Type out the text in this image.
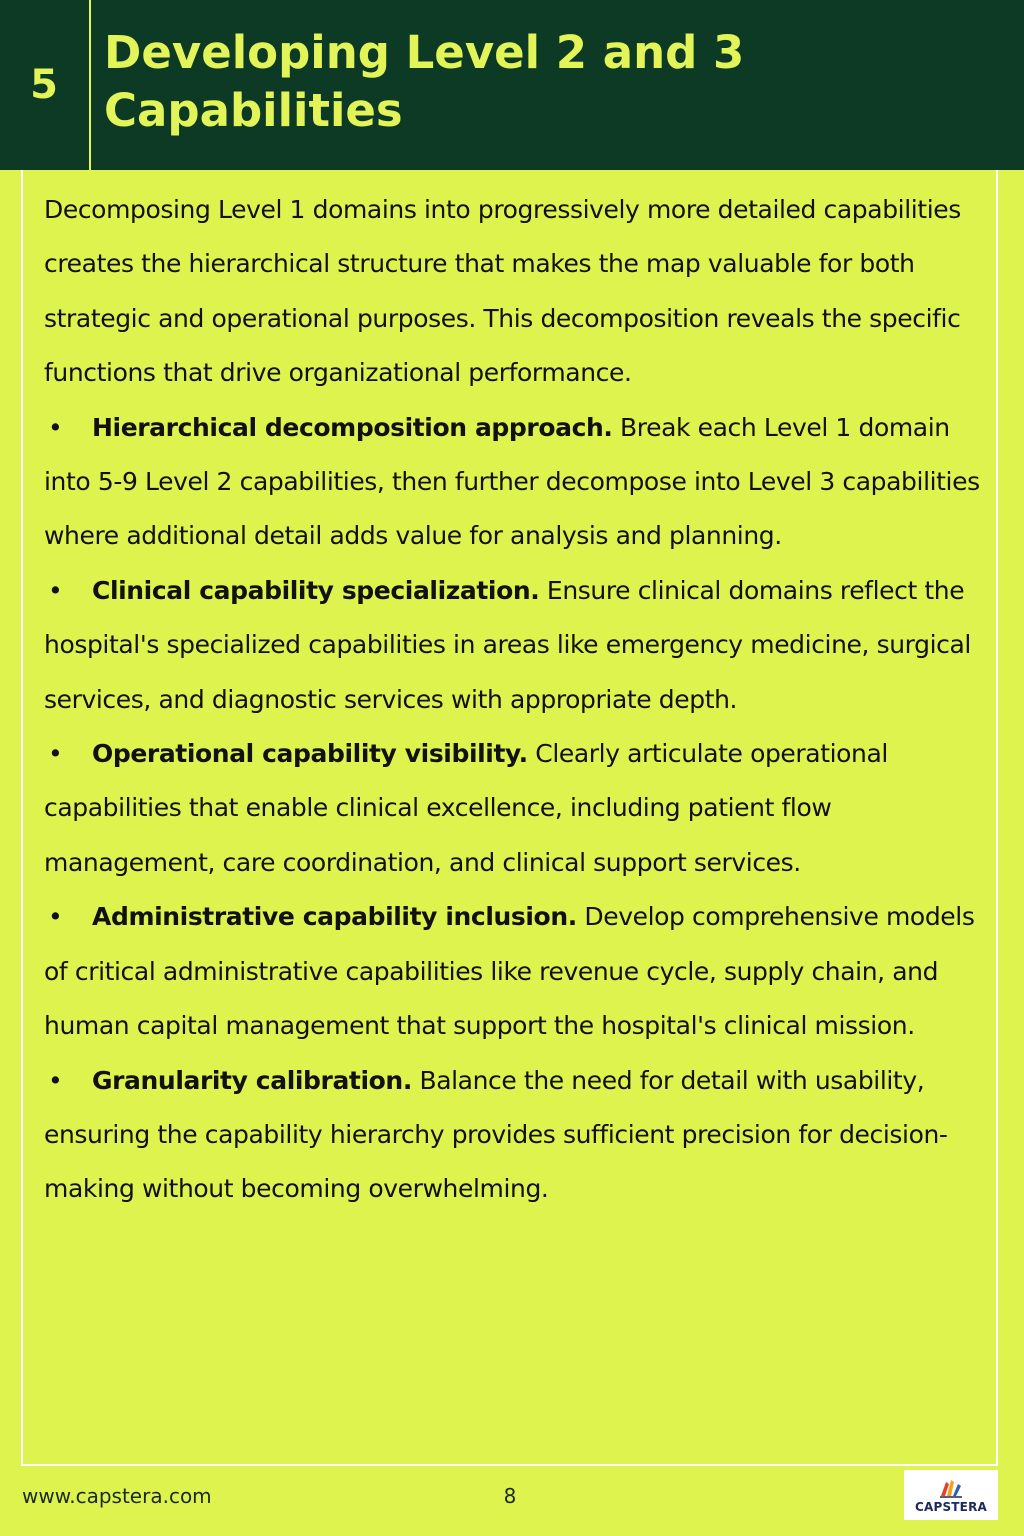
5
Developing Level 2 and 3 Capabilities

Decomposing Level 1 domains into progressively more detailed capabilities creates the hierarchical structure that makes the map valuable for both strategic and operational purposes. This decomposition reveals the specific functions that drive organizational performance.

• Hierarchical decomposition approach. Break each Level 1 domain into 5-9 Level 2 capabilities, then further decompose into Level 3 capabilities where additional detail adds value for analysis and planning.

• Clinical capability specialization. Ensure clinical domains reflect the hospital's specialized capabilities in areas like emergency medicine, surgical services, and diagnostic services with appropriate depth.

• Operational capability visibility. Clearly articulate operational capabilities that enable clinical excellence, including patient flow management, care coordination, and clinical support services.

• Administrative capability inclusion. Develop comprehensive models of critical administrative capabilities like revenue cycle, supply chain, and human capital management that support the hospital's clinical mission.

• Granularity calibration. Balance the need for detail with usability, ensuring the capability hierarchy provides sufficient precision for decision-making without becoming overwhelming.

www.capstera.com	8	CAPSTERA
